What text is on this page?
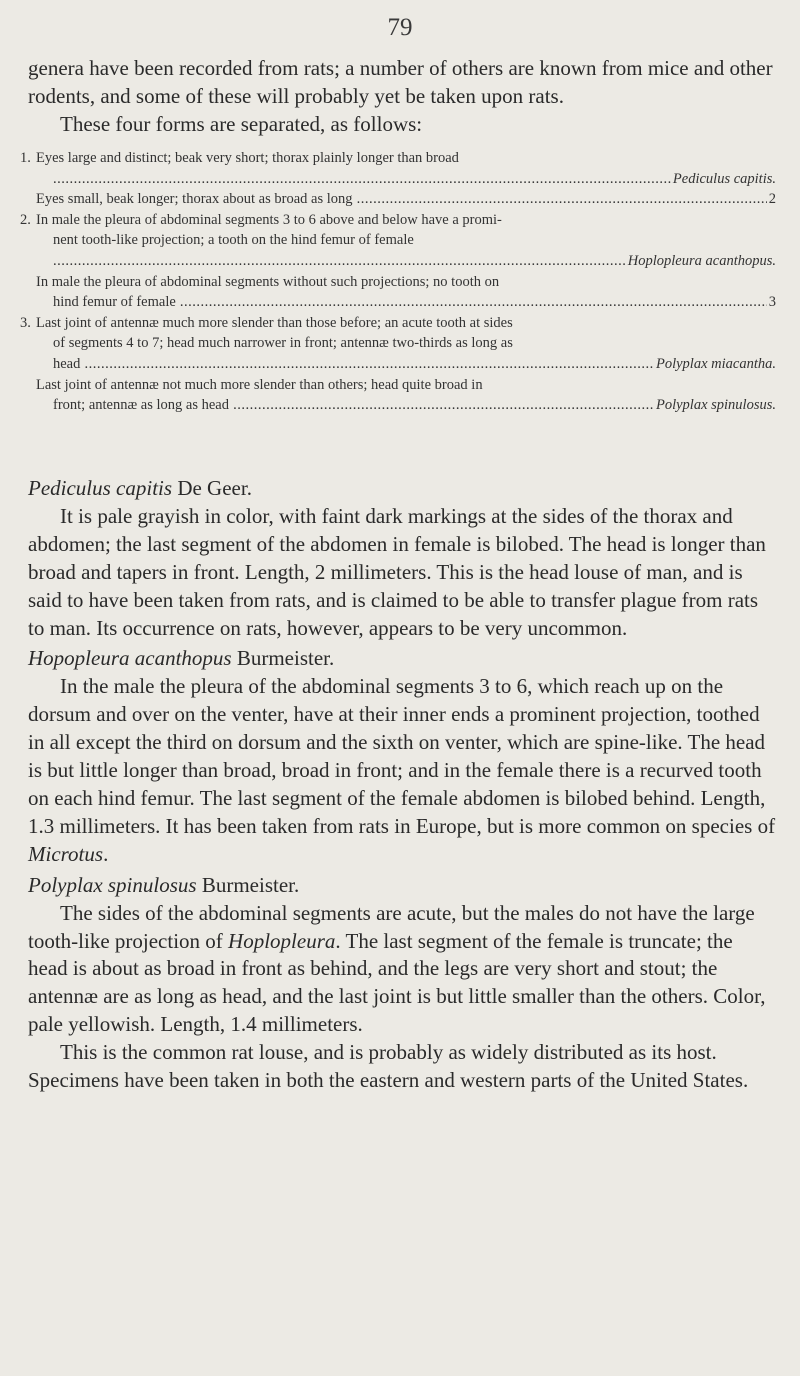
79

genera have been recorded from rats; a number of others are known from mice and other rodents, and some of these will probably yet be taken upon rats.

These four forms are separated, as follows:

1. Eyes large and distinct; beak very short; thorax plainly longer than broad
.....
Pediculus capitis.
Eyes small, beak longer; thorax about as broad as long .....	2
2. In male the pleura of abdominal segments 3 to 6 above and below have a promi-
nent tooth-like projection; a tooth on the hind femur of female
.....
Hoplopleura acanthopus.
In male the pleura of abdominal segments without such projections; no tooth on
hind femur of female .....	3
3. Last joint of antennæ much more slender than those before; an acute tooth at sides
of segments 4 to 7; head much narrower in front; antennæ two-thirds as long as
head .....	Polyplax miacantha.
Last joint of antennæ not much more slender than others; head quite broad in
front; antennæ as long as head .....	Polyplax spinulosus.

Pediculus capitis De Geer.

It is pale grayish in color, with faint dark markings at the sides of the thorax and abdomen; the last segment of the abdomen in female is bilobed. The head is longer than broad and tapers in front. Length, 2 millimeters. This is the head louse of man, and is said to have been taken from rats, and is claimed to be able to transfer plague from rats to man. Its occurrence on rats, however, appears to be very uncommon.

Hopopleura acanthopus Burmeister.

In the male the pleura of the abdominal segments 3 to 6, which reach up on the dorsum and over on the venter, have at their inner ends a prominent projection, toothed in all except the third on dorsum and the sixth on venter, which are spine-like. The head is but little longer than broad, broad in front; and in the female there is a recurved tooth on each hind femur. The last segment of the female abdomen is bilobed behind. Length, 1.3 millimeters. It has been taken from rats in Europe, but is more common on species of Microtus.

Polyplax spinulosus Burmeister.

The sides of the abdominal segments are acute, but the males do not have the large tooth-like projection of Hoplopleura. The last segment of the female is truncate; the head is about as broad in front as behind, and the legs are very short and stout; the antennæ are as long as head, and the last joint is but little smaller than the others. Color, pale yellowish. Length, 1.4 millimeters.

This is the common rat louse, and is probably as widely distributed as its host. Specimens have been taken in both the eastern and western parts of the United States.
